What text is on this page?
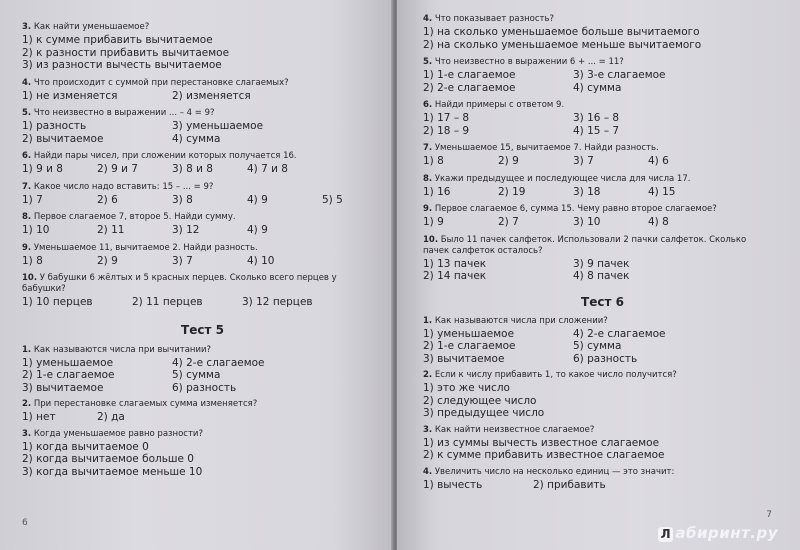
3. Как найти уменьшаемое?
1) к сумме прибавить вычитаемое
2) к разности прибавить вычитаемое
3) из разности вычесть вычитаемое
4. Что происходит с суммой при перестановке слагаемых?
1) не изменяется	2) изменяется
5. Что неизвестно в выражении ... – 4 = 9?
1) разность	3) уменьшаемое
2) вычитаемое	4) сумма
6. Найди пары чисел, при сложении которых получается 16.
1) 9 и 8	2) 9 и 7	3) 8 и 8	4) 7 и 8
7. Какое число надо вставить: 15 – ... = 9?
1) 7	2) 6	3) 8	4) 9	5) 5
8. Первое слагаемое 7, второе 5. Найди сумму.
1) 10	2) 11	3) 12	4) 9
9. Уменьшаемое 11, вычитаемое 2. Найди разность.
1) 8	2) 9	3) 7	4) 10
10. У бабушки 6 жёлтых и 5 красных перцев. Сколько всего перцев у бабушки?
1) 10 перцев	2) 11 перцев	3) 12 перцев
Тест 5
1. Как называются числа при вычитании?
1) уменьшаемое	4) 2-е слагаемое
2) 1-е слагаемое	5) сумма
3) вычитаемое	6) разность
2. При перестановке слагаемых сумма изменяется?
1) нет	2) да
3. Когда уменьшаемое равно разности?
1) когда вычитаемое 0
2) когда вычитаемое больше 0
3) когда вычитаемое меньше 10
6
4. Что показывает разность?
1) на сколько уменьшаемое больше вычитаемого
2) на сколько уменьшаемое меньше вычитаемого
5. Что неизвестно в выражении 6 + ... = 11?
1) 1-е слагаемое	3) 3-е слагаемое
2) 2-е слагаемое	4) сумма
6. Найди примеры с ответом 9.
1) 17 – 8	3) 16 – 8
2) 18 – 9	4) 15 – 7
7. Уменьшаемое 15, вычитаемое 7. Найди разность.
1) 8	2) 9	3) 7	4) 6
8. Укажи предыдущее и последующее числа для числа 17.
1) 16	2) 19	3) 18	4) 15
9. Первое слагаемое 6, сумма 15. Чему равно второе слагаемое?
1) 9	2) 7	3) 10	4) 8
10. Было 11 пачек салфеток. Использовали 2 пачки салфеток. Сколько пачек салфеток осталось?
1) 13 пачек	3) 9 пачек
2) 14 пачек	4) 8 пачек
Тест 6
1. Как называются числа при сложении?
1) уменьшаемое	4) 2-е слагаемое
2) 1-е слагаемое	5) сумма
3) вычитаемое	6) разность
2. Если к числу прибавить 1, то какое число получится?
1) это же число
2) следующее число
3) предыдущее число
3. Как найти неизвестное слагаемое?
1) из суммы вычесть известное слагаемое
2) к сумме прибавить известное слагаемое
4. Увеличить число на несколько единиц — это значит:
1) вычесть	2) прибавить
7
Л абиринт.ру
